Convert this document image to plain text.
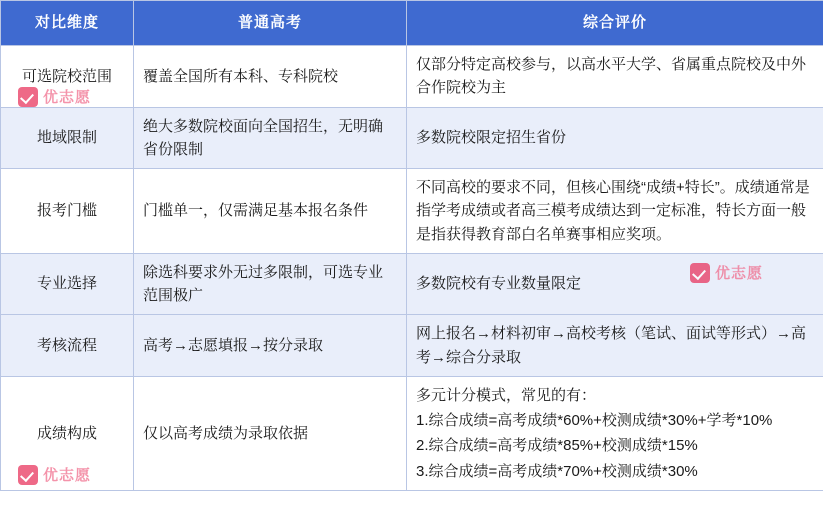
对比维度	普通高考	综合评价
可选院校范围	覆盖全国所有本科、专科院校	仅部分特定高校参与，以高水平大学、省属重点院校及中外合作院校为主

地域限制	绝大多数院校面向全国招生，无明确省份限制	多数院校限定招生省份

报考门槛	门槛单一，仅需满足基本报名条件	不同高校的要求不同，但核心围绕“成绩+特长”。成绩通常是指学考成绩或者高三模考成绩达到一定标准，特长方面一般是指获得教育部白名单赛事相应奖项。

专业选择	除选科要求外无过多限制，可选专业范围极广	多数院校有专业数量限定

考核流程	高考→志愿填报→按分录取	网上报名→材料初审→高校考核（笔试、面试等形式）→高考→综合分录取

成绩构成	仅以高考成绩为录取依据	多元计分模式，常见的有：

1.综合成绩=高考成绩*60%+校测成绩*30%+学考*10%

2.综合成绩=高考成绩*85%+校测成绩*15%

3.综合成绩=高考成绩*70%+校测成绩*30%

优志愿
优志愿
优志愿
